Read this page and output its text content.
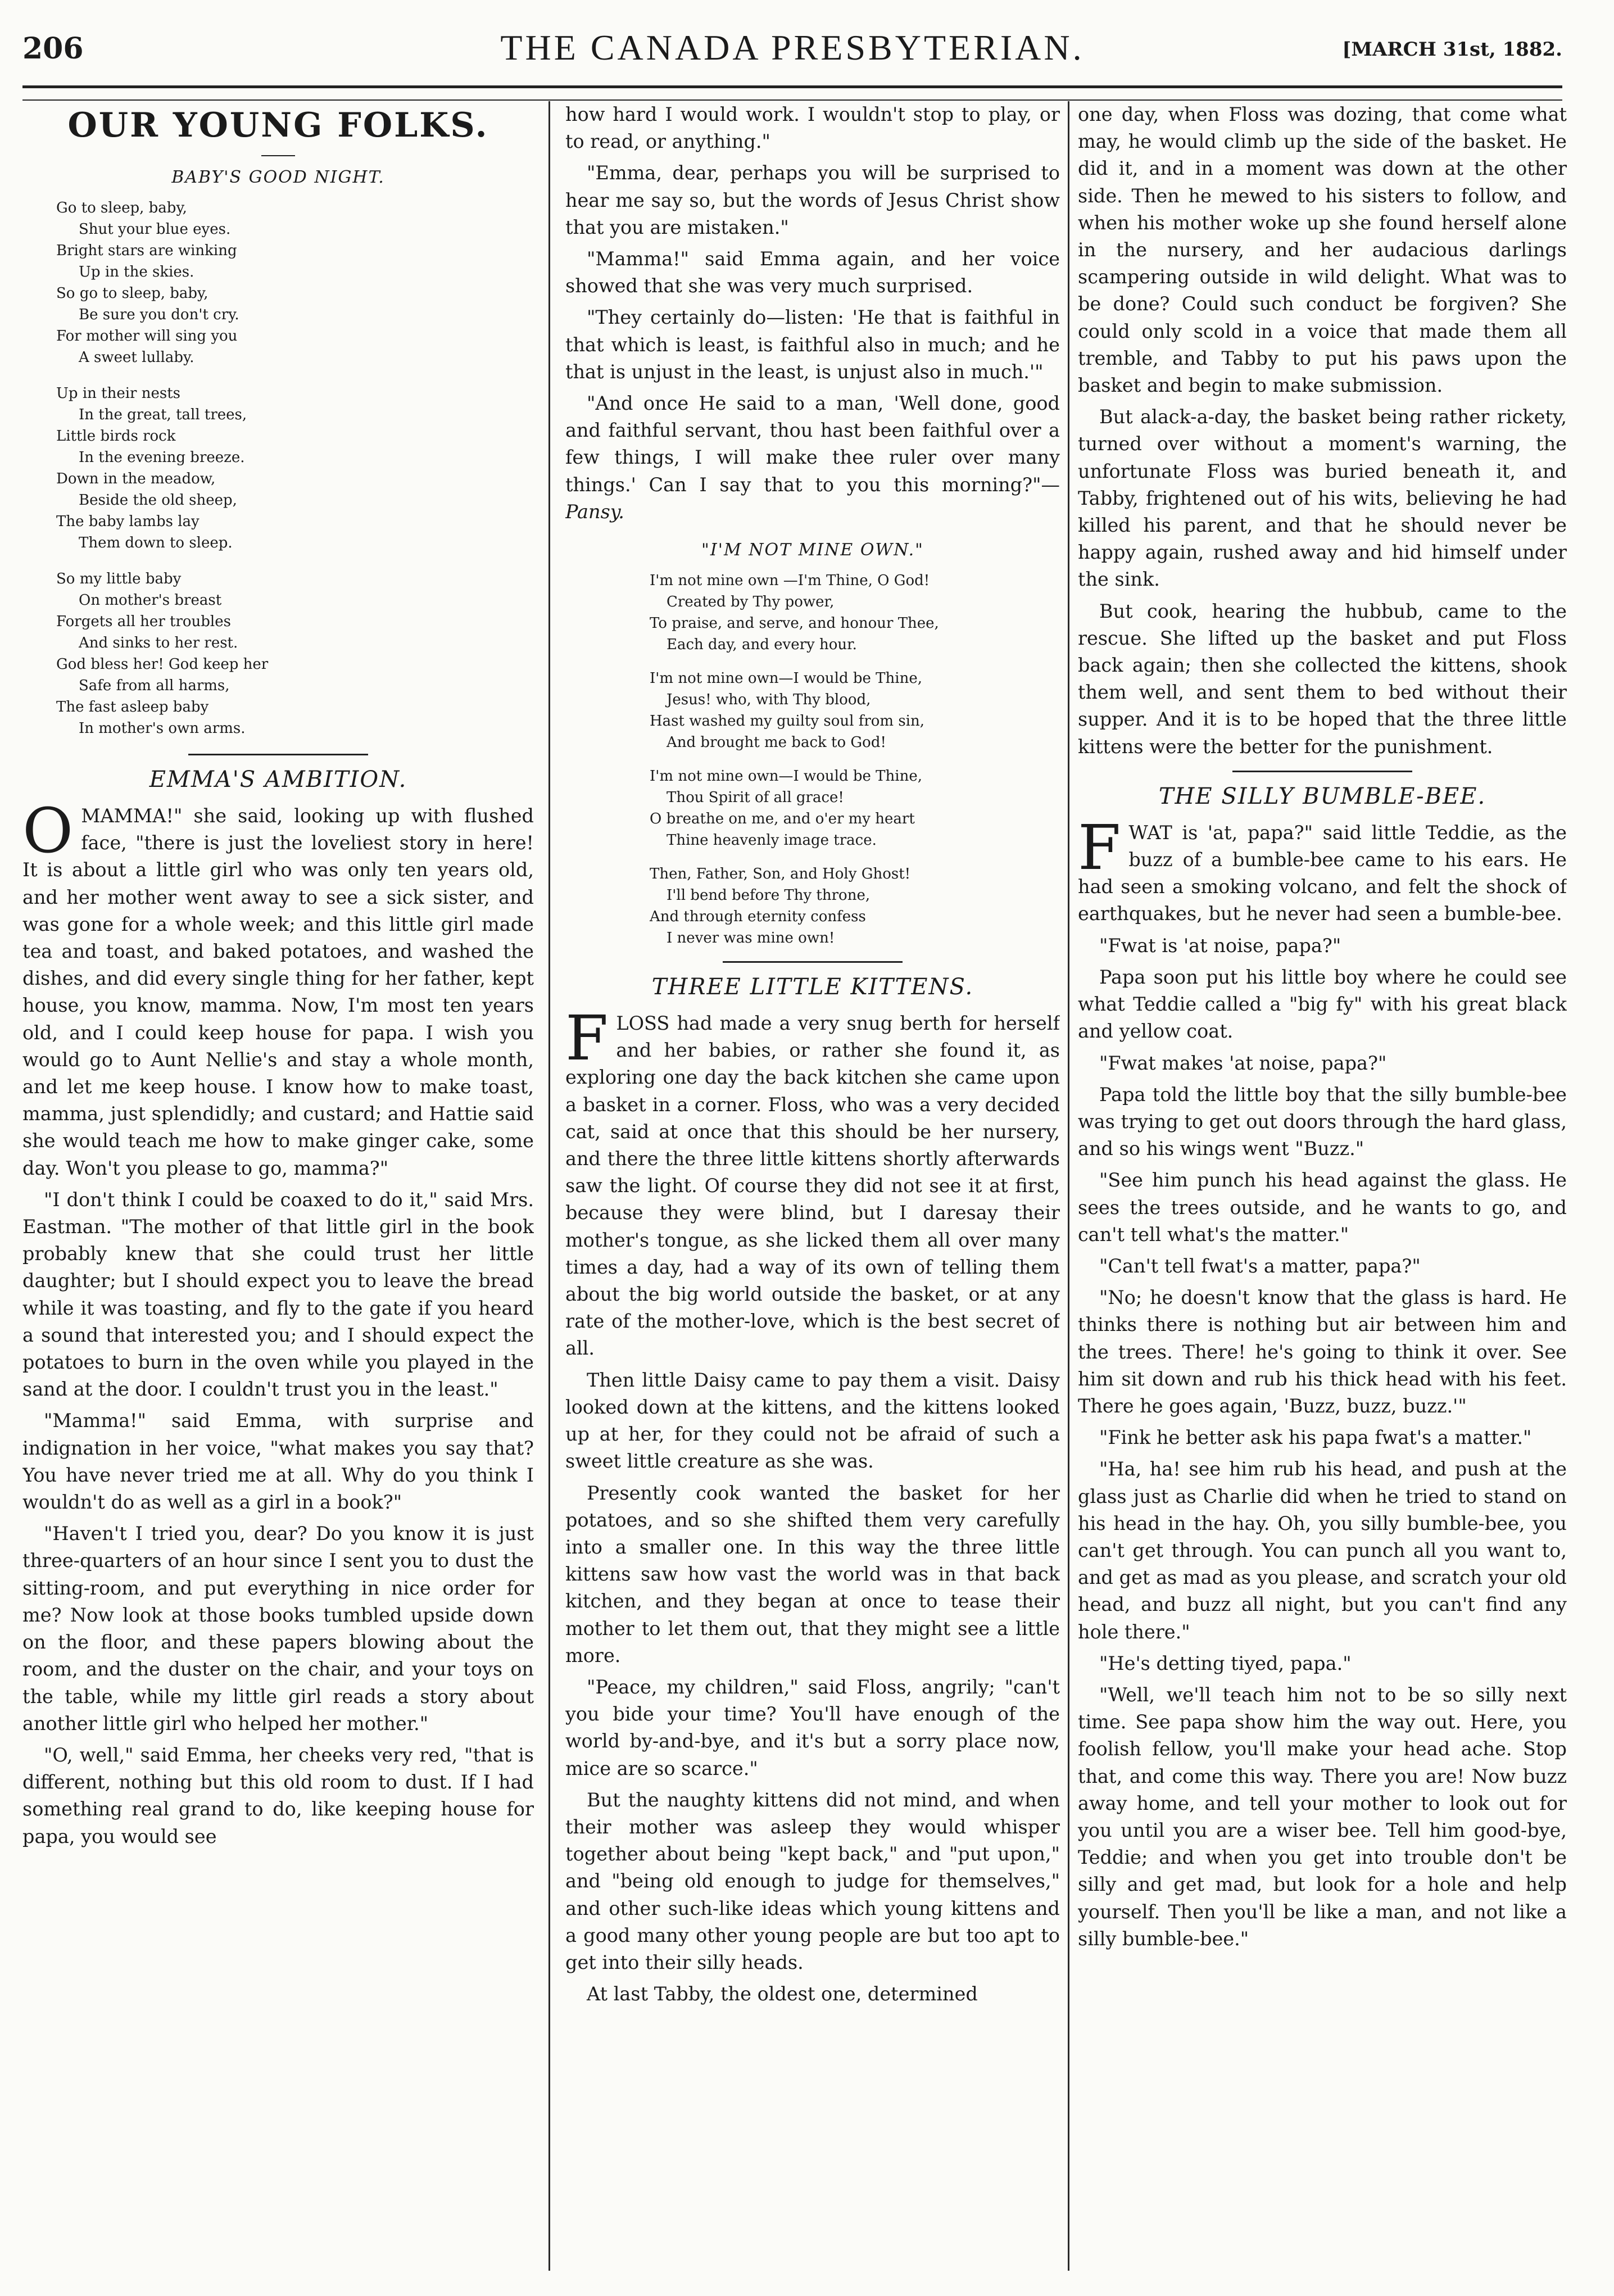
206	THE CANADA PRESBYTERIAN.	[MARCH 31st, 1882.
OUR YOUNG FOLKS.
BABY'S GOOD NIGHT.
Go to sleep, baby,
Shut your blue eyes.
Bright stars are winking
Up in the skies.
So go to sleep, baby,
Be sure you don't cry.
For mother will sing you
A sweet lullaby.
Up in their nests
In the great, tall trees,
Little birds rock
In the evening breeze.
Down in the meadow,
Beside the old sheep,
The baby lambs lay
Them down to sleep.
So my little baby
On mother's breast
Forgets all her troubles
And sinks to her rest.
God bless her! God keep her
Safe from all harms,
The fast asleep baby
In mother's own arms.
EMMA'S AMBITION.

OMAMMA!" she said, looking up with flushed face, "there is just the loveliest story in here! It is about a little girl who was only ten years old, and her mother went away to see a sick sister, and was gone for a whole week; and this little girl made tea and toast, and baked potatoes, and washed the dishes, and did every single thing for her father, kept house, you know, mamma. Now, I'm most ten years old, and I could keep house for papa. I wish you would go to Aunt Nellie's and stay a whole month, and let me keep house. I know how to make toast, mamma, just splendidly; and custard; and Hattie said she would teach me how to make ginger cake, some day. Won't you please to go, mamma?"

"I don't think I could be coaxed to do it," said Mrs. Eastman. "The mother of that little girl in the book probably knew that she could trust her little daughter; but I should expect you to leave the bread while it was toasting, and fly to the gate if you heard a sound that interested you; and I should expect the potatoes to burn in the oven while you played in the sand at the door. I couldn't trust you in the least."

"Mamma!" said Emma, with surprise and indignation in her voice, "what makes you say that? You have never tried me at all. Why do you think I wouldn't do as well as a girl in a book?"

"Haven't I tried you, dear? Do you know it is just three-quarters of an hour since I sent you to dust the sitting-room, and put everything in nice order for me? Now look at those books tumbled upside down on the floor, and these papers blowing about the room, and the duster on the chair, and your toys on the table, while my little girl reads a story about another little girl who helped her mother."

"O, well," said Emma, her cheeks very red, "that is different, nothing but this old room to dust. If I had something real grand to do, like keeping house for papa, you would see

how hard I would work. I wouldn't stop to play, or to read, or anything."

"Emma, dear, perhaps you will be surprised to hear me say so, but the words of Jesus Christ show that you are mistaken."

"Mamma!" said Emma again, and her voice showed that she was very much surprised.

"They certainly do—listen: 'He that is faithful in that which is least, is faithful also in much; and he that is unjust in the least, is unjust also in much.'"

"And once He said to a man, 'Well done, good and faithful servant, thou hast been faithful over a few things, I will make thee ruler over many things.' Can I say that to you this morning?"—Pansy.

"I'M NOT MINE OWN."
I'm not mine own —I'm Thine, O God!
Created by Thy power,
To praise, and serve, and honour Thee,
Each day, and every hour.
I'm not mine own—I would be Thine,
Jesus! who, with Thy blood,
Hast washed my guilty soul from sin,
And brought me back to God!
I'm not mine own—I would be Thine,
Thou Spirit of all grace!
O breathe on me, and o'er my heart
Thine heavenly image trace.
Then, Father, Son, and Holy Ghost!
I'll bend before Thy throne,
And through eternity confess
I never was mine own!
THREE LITTLE KITTENS.

FLOSS had made a very snug berth for herself and her babies, or rather she found it, as exploring one day the back kitchen she came upon a basket in a corner. Floss, who was a very decided cat, said at once that this should be her nursery, and there the three little kittens shortly afterwards saw the light. Of course they did not see it at first, because they were blind, but I daresay their mother's tongue, as she licked them all over many times a day, had a way of its own of telling them about the big world outside the basket, or at any rate of the mother-love, which is the best secret of all.

Then little Daisy came to pay them a visit. Daisy looked down at the kittens, and the kittens looked up at her, for they could not be afraid of such a sweet little creature as she was.

Presently cook wanted the basket for her potatoes, and so she shifted them very carefully into a smaller one. In this way the three little kittens saw how vast the world was in that back kitchen, and they began at once to tease their mother to let them out, that they might see a little more.

"Peace, my children," said Floss, angrily; "can't you bide your time? You'll have enough of the world by-and-bye, and it's but a sorry place now, mice are so scarce."

But the naughty kittens did not mind, and when their mother was asleep they would whisper together about being "kept back," and "put upon," and "being old enough to judge for themselves," and other such-like ideas which young kittens and a good many other young people are but too apt to get into their silly heads.

At last Tabby, the oldest one, determined

one day, when Floss was dozing, that come what may, he would climb up the side of the basket. He did it, and in a moment was down at the other side. Then he mewed to his sisters to follow, and when his mother woke up she found herself alone in the nursery, and her audacious darlings scampering outside in wild delight. What was to be done? Could such conduct be forgiven? She could only scold in a voice that made them all tremble, and Tabby to put his paws upon the basket and begin to make submission.

But alack-a-day, the basket being rather rickety, turned over without a moment's warning, the unfortunate Floss was buried beneath it, and Tabby, frightened out of his wits, believing he had killed his parent, and that he should never be happy again, rushed away and hid himself under the sink.

But cook, hearing the hubbub, came to the rescue. She lifted up the basket and put Floss back again; then she collected the kittens, shook them well, and sent them to bed without their supper. And it is to be hoped that the three little kittens were the better for the punishment.

THE SILLY BUMBLE-BEE.

FWAT is 'at, papa?" said little Teddie, as the buzz of a bumble-bee came to his ears. He had seen a smoking volcano, and felt the shock of earthquakes, but he never had seen a bumble-bee.

"Fwat is 'at noise, papa?"

Papa soon put his little boy where he could see what Teddie called a "big fy" with his great black and yellow coat.

"Fwat makes 'at noise, papa?"

Papa told the little boy that the silly bumble-bee was trying to get out doors through the hard glass, and so his wings went "Buzz."

"See him punch his head against the glass. He sees the trees outside, and he wants to go, and can't tell what's the matter."

"Can't tell fwat's a matter, papa?"

"No; he doesn't know that the glass is hard. He thinks there is nothing but air between him and the trees. There! he's going to think it over. See him sit down and rub his thick head with his feet. There he goes again, 'Buzz, buzz, buzz.'"

"Fink he better ask his papa fwat's a matter."

"Ha, ha! see him rub his head, and push at the glass just as Charlie did when he tried to stand on his head in the hay. Oh, you silly bumble-bee, you can't get through. You can punch all you want to, and get as mad as you please, and scratch your old head, and buzz all night, but you can't find any hole there."

"He's detting tiyed, papa."

"Well, we'll teach him not to be so silly next time. See papa show him the way out. Here, you foolish fellow, you'll make your head ache. Stop that, and come this way. There you are! Now buzz away home, and tell your mother to look out for you until you are a wiser bee. Tell him good-bye, Teddie; and when you get into trouble don't be silly and get mad, but look for a hole and help yourself. Then you'll be like a man, and not like a silly bumble-bee."
